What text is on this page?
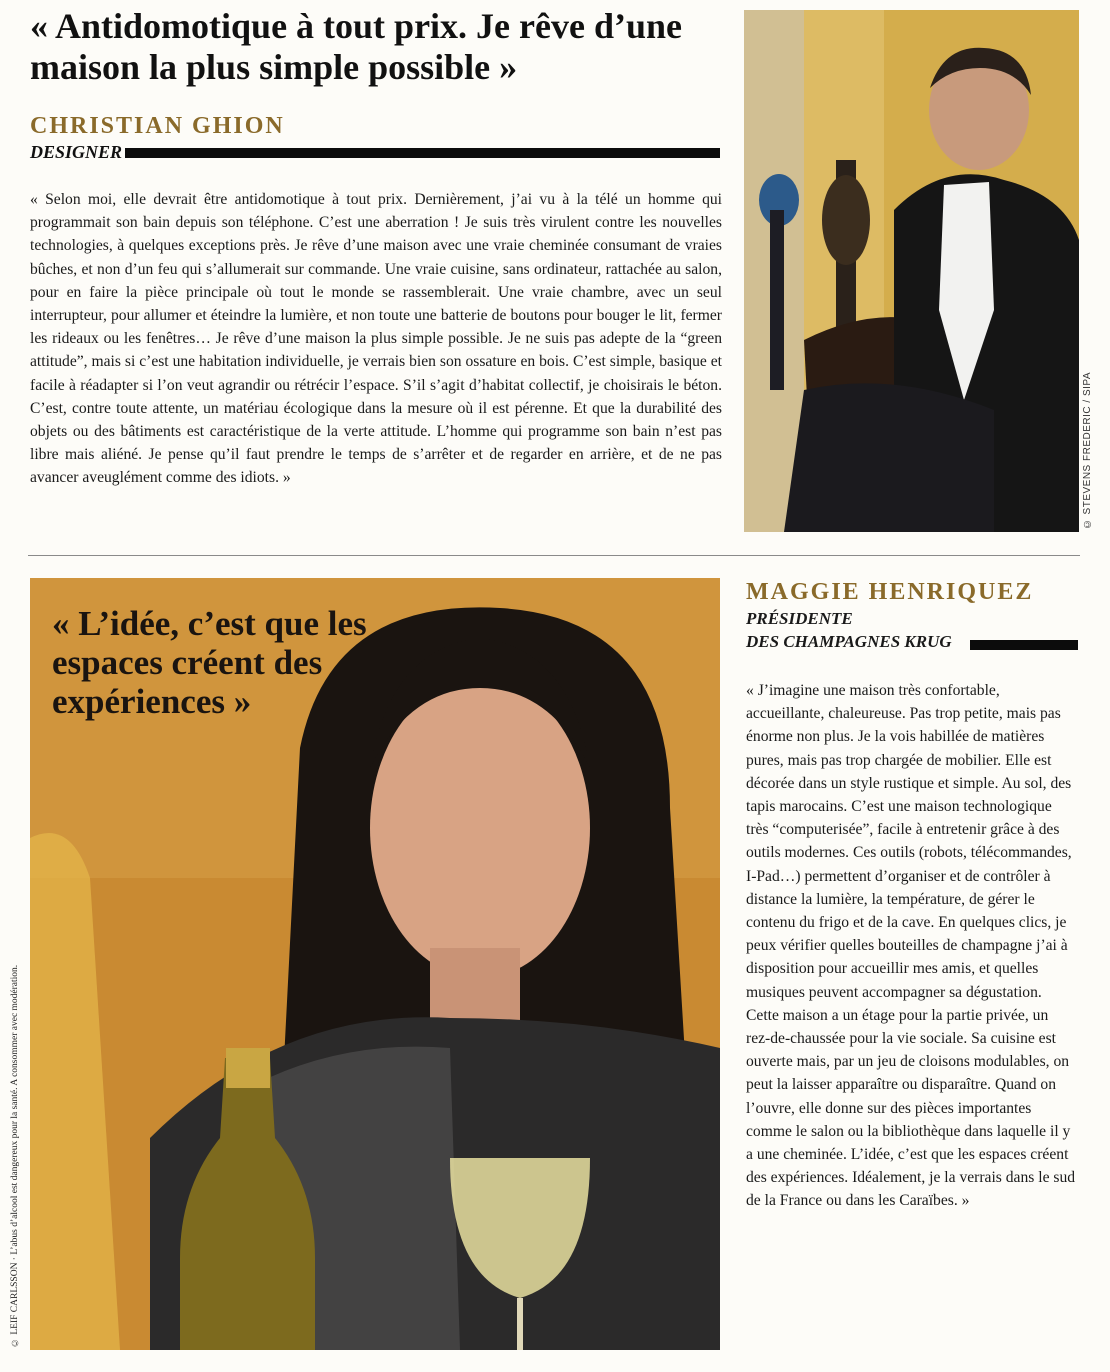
« Antidomotique à tout prix. Je rêve d’une maison la plus simple possible »
CHRISTIAN GHION
DESIGNER
« Selon moi, elle devrait être antidomotique à tout prix. Dernièrement, j’ai vu à la télé un homme qui programmait son bain depuis son téléphone. C’est une aberration ! Je suis très virulent contre les nouvelles technologies, à quelques exceptions près. Je rêve d’une maison avec une vraie cheminée consumant de vraies bûches, et non d’un feu qui s’allumerait sur commande. Une vraie cuisine, sans ordinateur, rattachée au salon, pour en faire la pièce principale où tout le monde se rassemblerait. Une vraie chambre, avec un seul interrupteur, pour allumer et éteindre la lumière, et non toute une batterie de boutons pour bouger le lit, fermer les rideaux ou les fenêtres… Je rêve d’une maison la plus simple possible. Je ne suis pas adepte de la “green attitude”, mais si c’est une habitation individuelle, je verrais bien son ossature en bois. C’est simple, basique et facile à réadapter si l’on veut agrandir ou rétrécir l’espace. S’il s’agit d’habitat collectif, je choisirais le béton. C’est, contre toute attente, un matériau écologique dans la mesure où il est pérenne. Et que la durabilité des objets ou des bâtiments est caractéristique de la verte attitude. L’homme qui programme son bain n’est pas libre mais aliéné. Je pense qu’il faut prendre le temps de s’arrêter et de regarder en arrière, et de ne pas avancer aveuglément comme des idiots. »	© STEVENS FREDERIC / SIPA
« L’idée, c’est que les espaces créent des expériences »
© LEIF CARLSSON · L’abus d’alcool est dangereux pour la santé. A consommer avec modération.
MAGGIE HENRIQUEZ
PRÉSIDENTE
DES CHAMPAGNES KRUG
« J’imagine une maison très confortable, accueillante, chaleureuse. Pas trop petite, mais pas énorme non plus. Je la vois habillée de matières pures, mais pas trop chargée de mobilier. Elle est décorée dans un style rustique et simple. Au sol, des tapis marocains. C’est une maison technologique très “computerisée”, facile à entretenir grâce à des outils modernes. Ces outils (robots, télécommandes, I-Pad…) permettent d’organiser et de contrôler à distance la lumière, la température, de gérer le contenu du frigo et de la cave. En quelques clics, je peux vérifier quelles bouteilles de champagne j’ai à disposition pour accueillir mes amis, et quelles musiques peuvent accompagner sa dégustation. Cette maison a un étage pour la partie privée, un rez-de-chaussée pour la vie sociale. Sa cuisine est ouverte mais, par un jeu de cloisons modulables, on peut la laisser apparaître ou disparaître. Quand on l’ouvre, elle donne sur des pièces importantes comme le salon ou la bibliothèque dans laquelle il y a une cheminée. L’idée, c’est que les espaces créent des expériences. Idéalement, je la verrais dans le sud de la France ou dans les Caraïbes. »
